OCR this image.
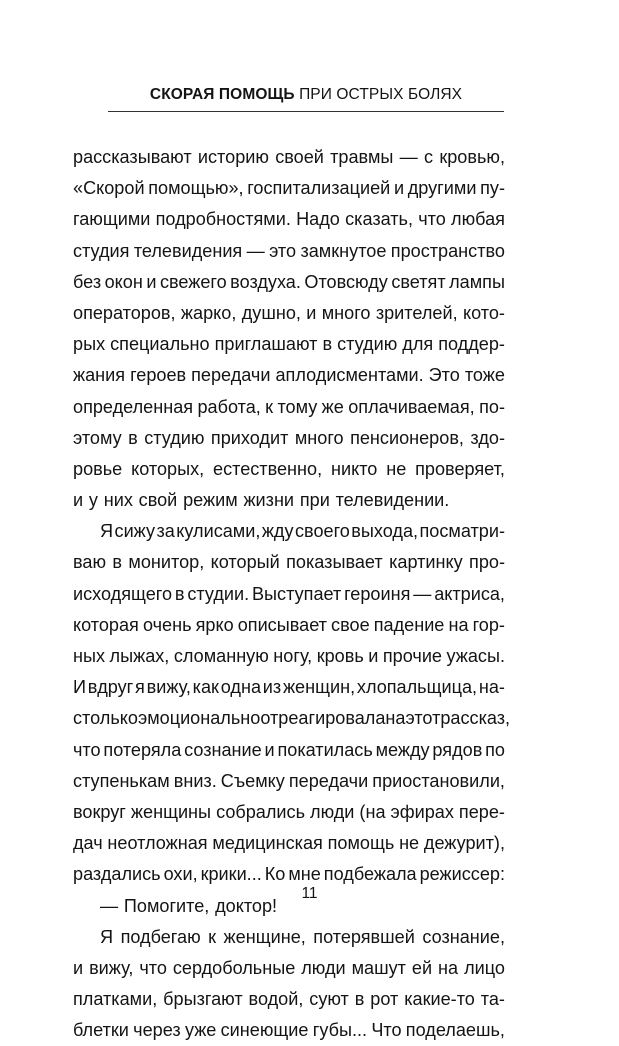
СКОРАЯ ПОМОЩЬ ПРИ ОСТРЫХ БОЛЯХ
рассказывают историю своей травмы — с кровью,
«Скорой помощью», госпитализацией и другими пу-
гающими подробностями. Надо сказать, что любая
студия телевидения — это замкнутое пространство
без окон и свежего воздуха. Отовсюду светят лампы
операторов, жарко, душно, и много зрителей, кото-
рых специально приглашают в студию для поддер-
жания героев передачи аплодисментами. Это тоже
определенная работа, к тому же оплачиваемая, по-
этому в студию приходит много пенсионеров, здо-
ровье которых, естественно, никто не проверяет,
и у них свой режим жизни при телевидении.
Я сижу за кулисами, жду своего выхода, посматри-
ваю в монитор, который показывает картинку про-
исходящего в студии. Выступает героиня — актриса,
которая очень ярко описывает свое падение на гор-
ных лыжах, сломанную ногу, кровь и прочие ужасы.
И вдруг я вижу, как одна из женщин, хлопальщица, на-
столько эмоционально отреагировала на этот рассказ,
что потеряла сознание и покатилась между рядов по
ступенькам вниз. Съемку передачи приостановили,
вокруг женщины собрались люди (на эфирах пере-
дач неотложная медицинская помощь не дежурит),
раздались охи, крики... Ко мне подбежала режиссер:
— Помогите, доктор!
Я подбегаю к женщине, потерявшей сознание,
и вижу, что сердобольные люди машут ей на лицо
платками, брызгают водой, суют в рот какие-то та-
блетки через уже синеющие губы... Что поделаешь,
11
